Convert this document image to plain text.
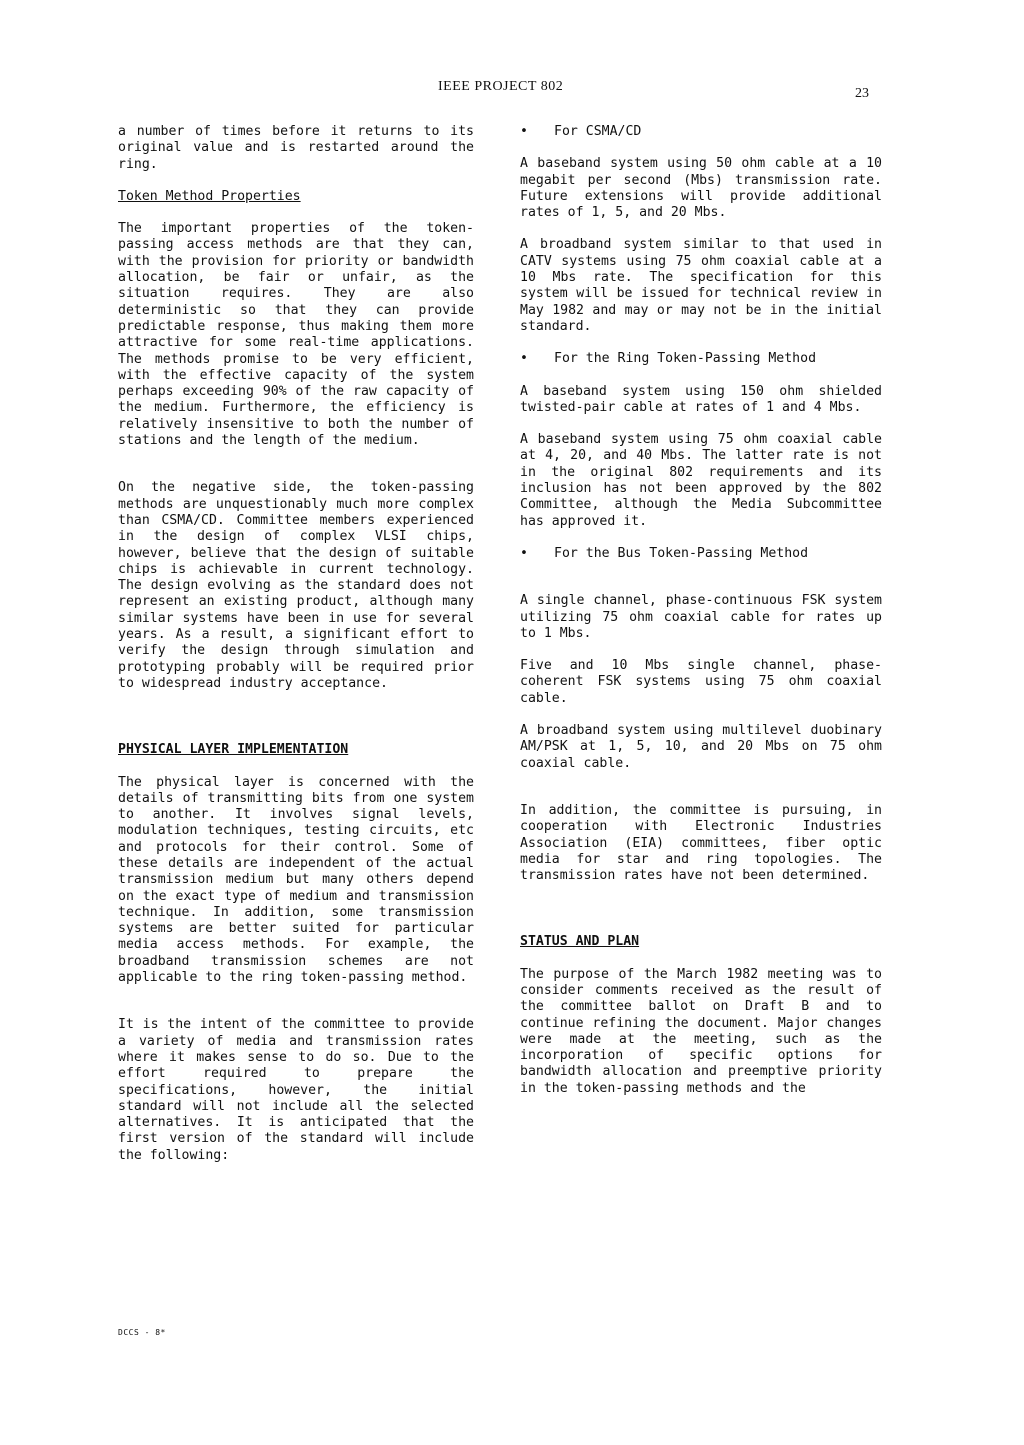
IEEE PROJECT 802	23

a number of times before it returns to its original value and is restarted around the ring.

Token Method Properties

The important properties of the token-passing access methods are that they can, with the provision for priority or bandwidth allocation, be fair or unfair, as the situation requires. They are also deterministic so that they can provide predictable response, thus making them more attractive for some real-time applications. The methods promise to be very efficient, with the effective capacity of the system perhaps exceeding 90% of the raw capacity of the medium. Furthermore, the efficiency is relatively insensitive to both the number of stations and the length of the medium.

On the negative side, the token-passing methods are unquestionably much more complex than CSMA/CD. Committee members experienced in the design of complex VLSI chips, however, believe that the design of suitable chips is achievable in current technology. The design evolving as the standard does not represent an existing product, although many similar systems have been in use for several years. As a result, a significant effort to verify the design through simulation and prototyping probably will be required prior to widespread industry acceptance.

PHYSICAL LAYER IMPLEMENTATION

The physical layer is concerned with the details of transmitting bits from one system to another. It involves signal levels, modulation techniques, testing circuits, etc and protocols for their control. Some of these details are independent of the actual transmission medium but many others depend on the exact type of medium and transmission technique. In addition, some transmission systems are better suited for particular media access methods. For example, the broadband transmission schemes are not applicable to the ring token-passing method.

It is the intent of the committee to provide a variety of media and transmission rates where it makes sense to do so. Due to the effort required to prepare the specifications, however, the initial standard will not include all the selected alternatives. It is anticipated that the first version of the standard will include the following:

• For CSMA/CD

A baseband system using 50 ohm cable at a 10 megabit per second (Mbs) transmission rate. Future extensions will provide additional rates of 1, 5, and 20 Mbs.

A broadband system similar to that used in CATV systems using 75 ohm coaxial cable at a 10 Mbs rate. The specification for this system will be issued for technical review in May 1982 and may or may not be in the initial standard.

• For the Ring Token-Passing Method

A baseband system using 150 ohm shielded twisted-pair cable at rates of 1 and 4 Mbs.

A baseband system using 75 ohm coaxial cable at 4, 20, and 40 Mbs. The latter rate is not in the original 802 requirements and its inclusion has not been approved by the 802 Committee, although the Media Subcommittee has approved it.

• For the Bus Token-Passing Method

A single channel, phase-continuous FSK system utilizing 75 ohm coaxial cable for rates up to 1 Mbs.

Five and 10 Mbs single channel, phase-coherent FSK systems using 75 ohm coaxial cable.

A broadband system using multilevel duobinary AM/PSK at 1, 5, 10, and 20 Mbs on 75 ohm coaxial cable.

In addition, the committee is pursuing, in cooperation with Electronic Industries Association (EIA) committees, fiber optic media for star and ring topologies. The transmission rates have not been determined.

STATUS AND PLAN

The purpose of the March 1982 meeting was to consider comments received as the result of the committee ballot on Draft B and to continue refining the document. Major changes were made at the meeting, such as the incorporation of specific options for bandwidth allocation and preemptive priority in the token-passing methods and the

DCCS - 8*
